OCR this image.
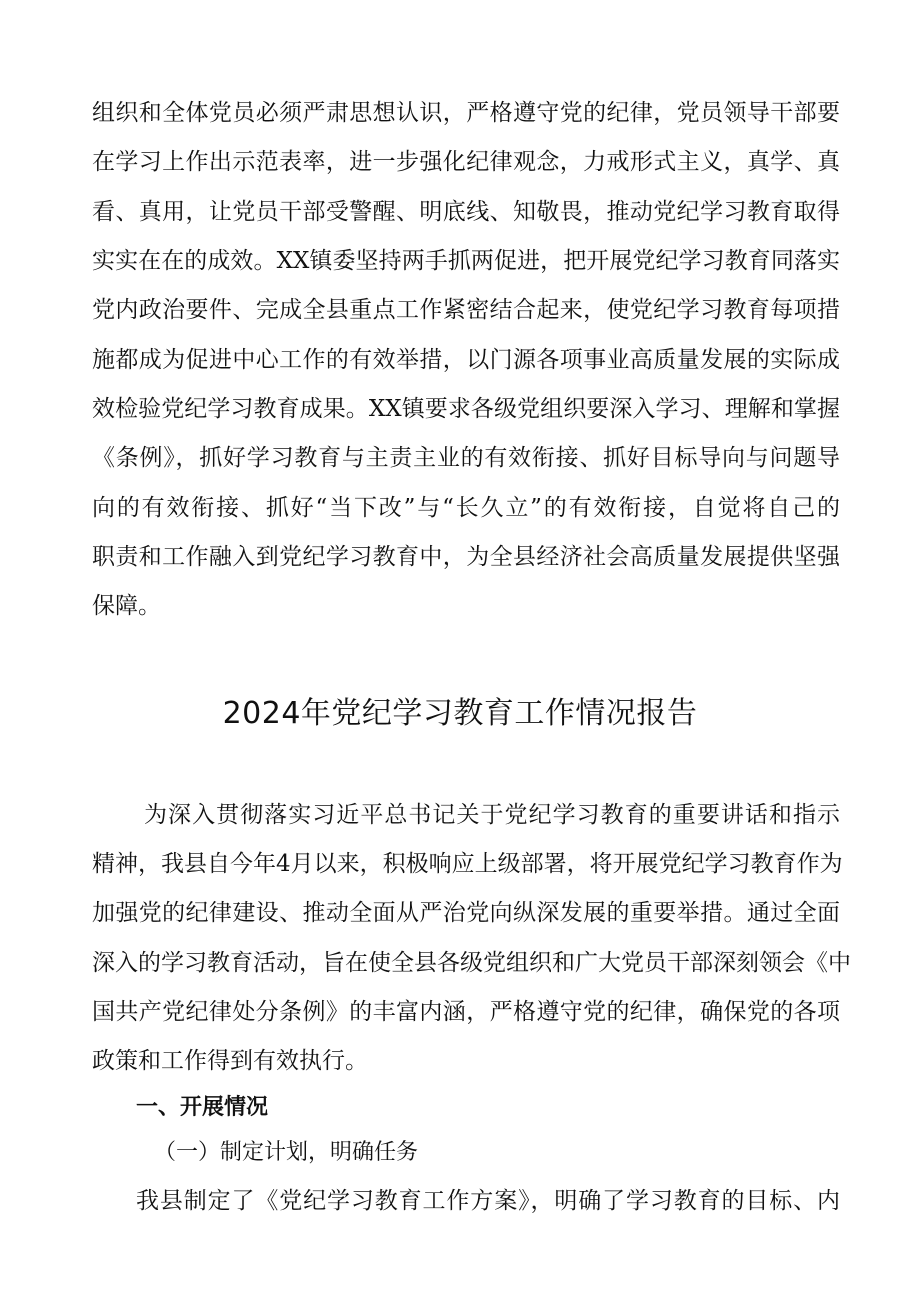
组织和全体党员必须严肃思想认识，严格遵守党的纪律，党员领导干部要
在学习上作出示范表率，进一步强化纪律观念，力戒形式主义，真学、真
看、真用，让党员干部受警醒、明底线、知敬畏，推动党纪学习教育取得
实实在在的成效。XX镇委坚持两手抓两促进，把开展党纪学习教育同落实
党内政治要件、完成全县重点工作紧密结合起来，使党纪学习教育每项措
施都成为促进中心工作的有效举措，以门源各项事业高质量发展的实际成
效检验党纪学习教育成果。XX镇要求各级党组织要深入学习、理解和掌握
《条例》，抓好学习教育与主责主业的有效衔接、抓好目标导向与问题导
向的有效衔接、抓好“当下改”与“长久立”的有效衔接，自觉将自己的
职责和工作融入到党纪学习教育中，为全县经济社会高质量发展提供坚强
保障。
2024年党纪学习教育工作情况报告
为深入贯彻落实习近平总书记关于党纪学习教育的重要讲话和指示
精神，我县自今年4月以来，积极响应上级部署，将开展党纪学习教育作为
加强党的纪律建设、推动全面从严治党向纵深发展的重要举措。通过全面
深入的学习教育活动，旨在使全县各级党组织和广大党员干部深刻领会《中
国共产党纪律处分条例》的丰富内涵，严格遵守党的纪律，确保党的各项
政策和工作得到有效执行。
一、开展情况
（一）制定计划，明确任务
我县制定了《党纪学习教育工作方案》，明确了学习教育的目标、内
